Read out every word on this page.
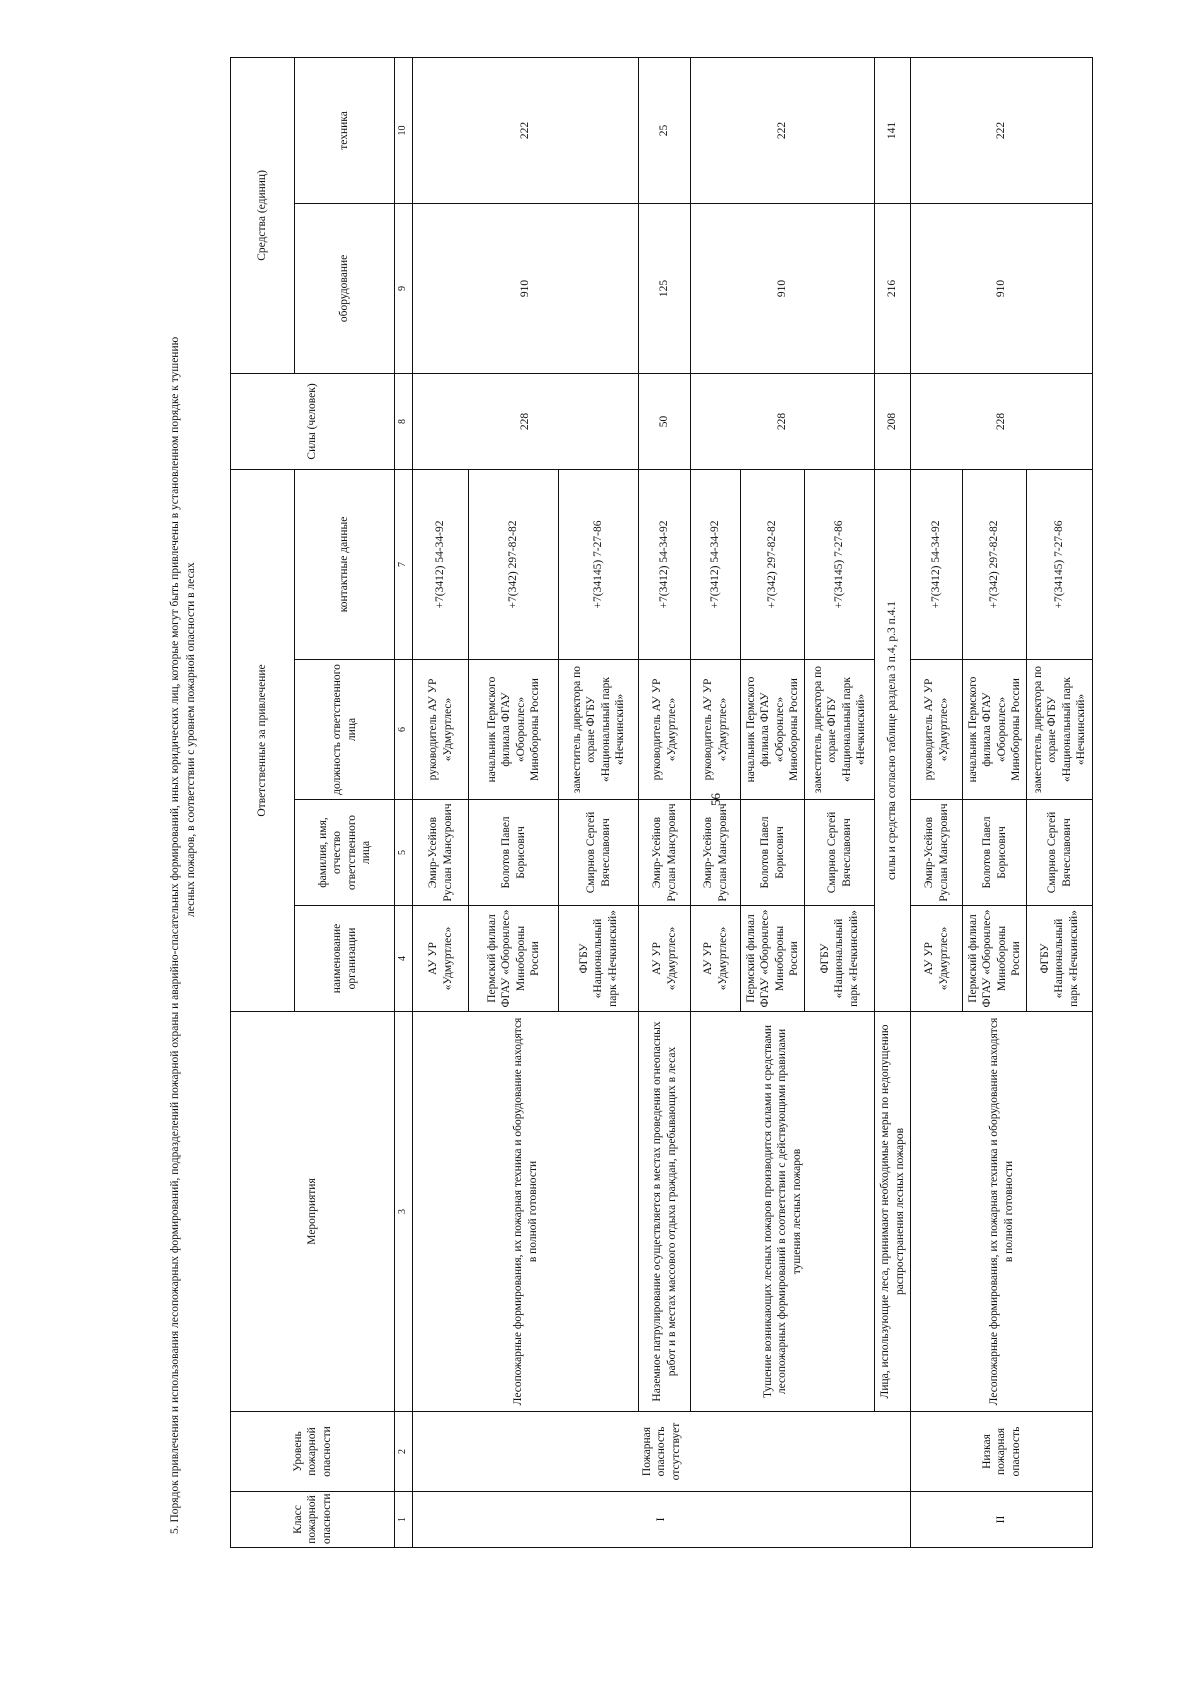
56
5. Порядок привлечения и использования лесопожарных формирований, подразделений пожарной охраны и аварийно-спасательных формирований, иных юридических лиц, которые могут быть привлечены в установленном порядке к тушению лесных пожаров, в соответствии с уровнем пожарной опасности в лесах
Класс пожарной опасности	Уровень пожарной опасности	Мероприятия	Ответственные за привлечение				Силы (человек)	Средства (единиц)	
			наименование организации	фамилия, имя, отчество ответственного лица	должность ответственного лица	контактные данные		оборудование	техника
1	2	3	4	5	6	7	8	9	10
I	Пожарная опасность отсутствует	Лесопожарные формирования, их пожарная техника и оборудование находятся в полной готовности	АУ УР «Удмуртлес»	Эмир-Усейнов Руслан Мансурович	руководитель АУ УР «Удмуртлес»	+7(3412) 54-34-92	228	910	222
			Пермский филиал ФГАУ «Оборонлес» Минобороны России	Болотов Павел Борисович	начальник Пермского филиала ФГАУ «Оборонлес» Минобороны России	+7(342) 297-82-82			
			ФГБУ «Национальный парк «Нечкинский»	Смирнов Сергей Вячеславович	заместитель директора по охране ФГБУ «Национальный парк «Нечкинский»	+7(34145) 7-27-86			
		Наземное патрулирование осуществляется в местах проведения огнеопасных работ и в местах массового отдыха граждан, пребывающих в лесах	АУ УР «Удмуртлес»	Эмир-Усейнов Руслан Мансурович	руководитель АУ УР «Удмуртлес»	+7(3412) 54-34-92	50	125	25
		Тушение возникающих лесных пожаров производится силами и средствами лесопожарных формирований в соответствии с действующими правилами тушения лесных пожаров	АУ УР «Удмуртлес»	Эмир-Усейнов Руслан Мансурович	руководитель АУ УР «Удмуртлес»	+7(3412) 54-34-92	228	910	222
			Пермский филиал ФГАУ «Оборонлес» Минобороны России	Болотов Павел Борисович	начальник Пермского филиала ФГАУ «Оборонлес» Минобороны России	+7(342) 297-82-82			
			ФГБУ «Национальный парк «Нечкинский»	Смирнов Сергей Вячеславович	заместитель директора по охране ФГБУ «Национальный парк «Нечкинский»	+7(34145) 7-27-86			
		Лица, использующие леса, принимают необходимые меры по недопущению распространения лесных пожаров	силы и средства согласно таблице раздела 3 п.4, р.3 п.4.1				208	216	141
II	Низкая пожарная опасность	Лесопожарные формирования, их пожарная техника и оборудование находятся в полной готовности	АУ УР «Удмуртлес»	Эмир-Усейнов Руслан Мансурович	руководитель АУ УР «Удмуртлес»	+7(3412) 54-34-92	228	910	222
			Пермский филиал ФГАУ «Оборонлес» Минобороны России	Болотов Павел Борисович	начальник Пермского филиала ФГАУ «Оборонлес» Минобороны России	+7(342) 297-82-82			
			ФГБУ «Национальный парк «Нечкинский»	Смирнов Сергей Вячеславович	заместитель директора по охране ФГБУ «Национальный парк «Нечкинский»	+7(34145) 7-27-86			
